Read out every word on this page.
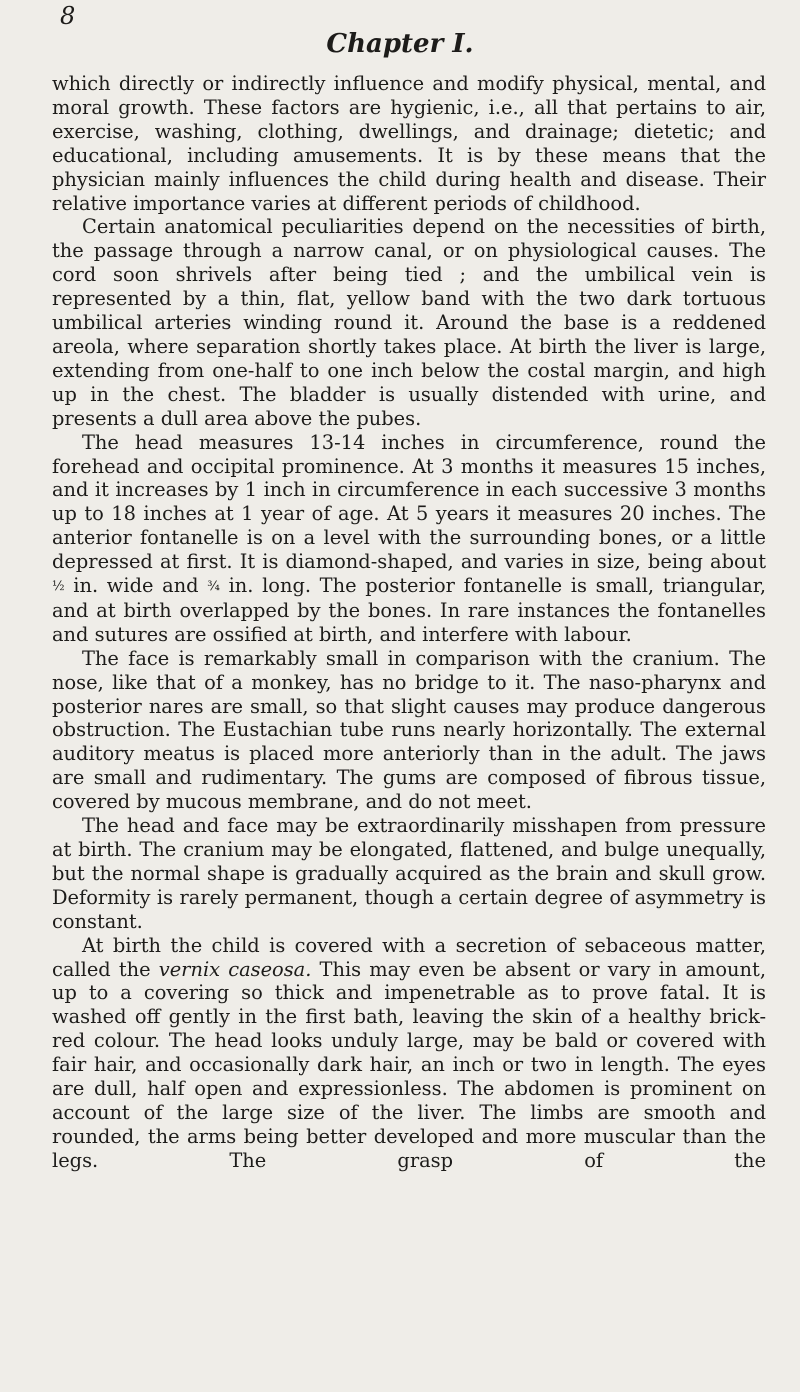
8
Chapter I.

which directly or indirectly influence and modify physical, mental, and moral growth. These factors are hygienic, i.e., all that pertains to air, exercise, washing, clothing, dwellings, and drainage; dietetic; and educational, including amusements. It is by these means that the physician mainly influences the child during health and disease. Their relative importance varies at different periods of childhood.

Certain anatomical peculiarities depend on the necessities of birth, the passage through a narrow canal, or on physiological causes. The cord soon shrivels after being tied ; and the umbilical vein is represented by a thin, flat, yellow band with the two dark tortuous umbilical arteries winding round it. Around the base is a reddened areola, where separation shortly takes place. At birth the liver is large, extending from one-half to one inch below the costal margin, and high up in the chest. The bladder is usually distended with urine, and presents a dull area above the pubes.

The head measures 13-14 inches in circumference, round the forehead and occipital prominence. At 3 months it measures 15 inches, and it increases by 1 inch in circumference in each successive 3 months up to 18 inches at 1 year of age. At 5 years it measures 20 inches. The anterior fontanelle is on a level with the surrounding bones, or a little depressed at first. It is diamond-shaped, and varies in size, being about ½ in. wide and ¾ in. long. The posterior fontanelle is small, triangular, and at birth overlapped by the bones. In rare instances the fontanelles and sutures are ossified at birth, and interfere with labour.

The face is remarkably small in comparison with the cranium. The nose, like that of a monkey, has no bridge to it. The naso-pharynx and posterior nares are small, so that slight causes may produce dangerous obstruction. The Eustachian tube runs nearly horizontally. The external auditory meatus is placed more anteriorly than in the adult. The jaws are small and rudimentary. The gums are composed of fibrous tissue, covered by mucous membrane, and do not meet.

The head and face may be extraordinarily misshapen from pressure at birth. The cranium may be elongated, flattened, and bulge unequally, but the normal shape is gradually acquired as the brain and skull grow. Deformity is rarely permanent, though a certain degree of asymmetry is constant.

At birth the child is covered with a secretion of sebaceous matter, called the vernix caseosa. This may even be absent or vary in amount, up to a covering so thick and impenetrable as to prove fatal. It is washed off gently in the first bath, leaving the skin of a healthy brick-red colour. The head looks unduly large, may be bald or covered with fair hair, and occasionally dark hair, an inch or two in length. The eyes are dull, half open and expressionless. The abdomen is prominent on account of the large size of the liver. The limbs are smooth and rounded, the arms being better developed and more muscular than the legs. The grasp of the
